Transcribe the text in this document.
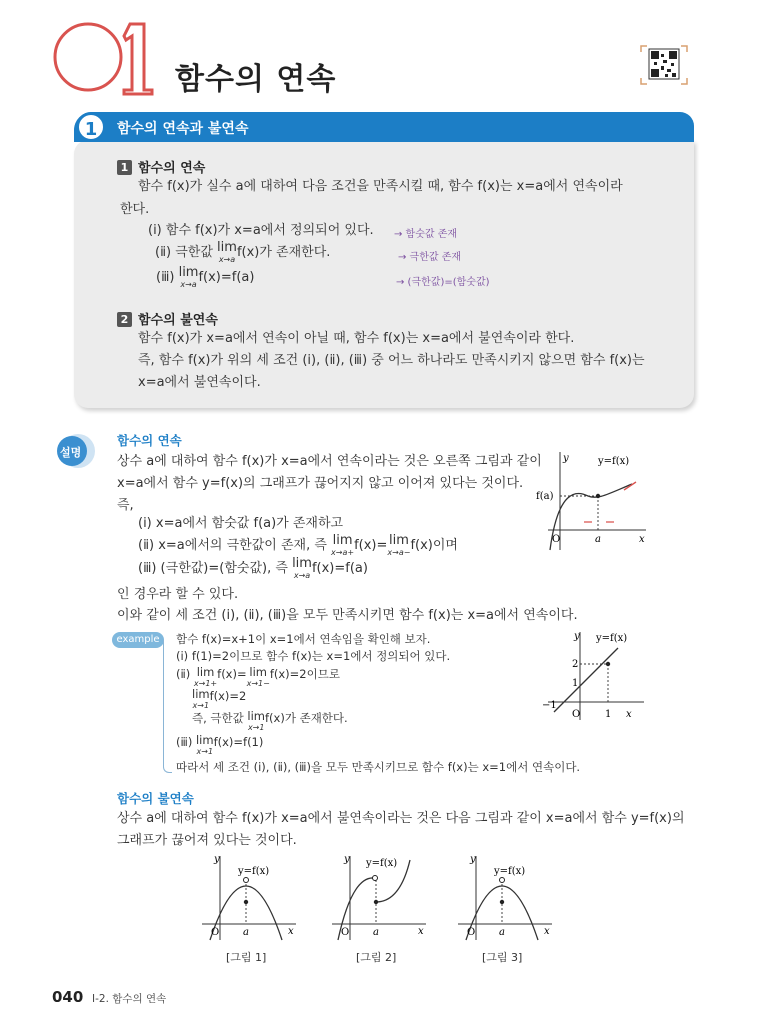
함수의 연속
1	함수의 연속과 불연속
1 함수의 연속
함수 f(x)가 실수 a에 대하여 다음 조건을 만족시킬 때, 함수 f(x)는 x=a에서 연속이라
한다.
(ⅰ) 함수 f(x)가 x=a에서 정의되어 있다. → 함숫값 존재
(ⅱ) 극한값 lim
x→a f(x)가 존재한다.	→ 극한값 존재
(ⅲ) lim
x→a f(x)=f(a)	→ (극한값)=(함숫값)
2 함수의 불연속
함수 f(x)가 x=a에서 연속이 아닐 때, 함수 f(x)는 x=a에서 불연속이라 한다.
즉, 함수 f(x)가 위의 세 조건 (ⅰ), (ⅱ), (ⅲ) 중 어느 하나라도 만족시키지 않으면 함수 f(x)는
x=a에서 불연속이다.
설명
함수의 연속
상수 a에 대하여 함수 f(x)가 x=a에서 연속이라는 것은 오른쪽 그림과 같이
x=a에서 함수 y=f(x)의 그래프가 끊어지지 않고 이어져 있다는 것이다.
즉,
(ⅰ) x=a에서 함숫값 f(a)가 존재하고
(ⅱ) x=a에서의 극한값이 존재, 즉 lim
x→a+ f(x)= lim
x→a− f(x)이며
(ⅲ) (극한값)=(함숫값), 즉 lim
x→a f(x)=f(a)
인 경우라 할 수 있다.
이와 같이 세 조건 (ⅰ), (ⅱ), (ⅲ)을 모두 만족시키면 함수 f(x)는 x=a에서 연속이다.
y
x
O	a
f(a)
y=f(x)
example	함수 f(x)=x+1이 x=1에서 연속임을 확인해 보자.
(ⅰ) f(1)=2이므로 함수 f(x)는 x=1에서 정의되어 있다.
(ⅱ) lim
x→1+
f(x)= lim
x→1−
f(x)=2이므로
lim
x→1
f(x)=2
즉, 극한값 lim
x→1
f(x)가 존재한다.
(ⅲ) lim
x→1
f(x)=f(1)
따라서 세 조건 (ⅰ), (ⅱ), (ⅲ)을 모두 만족시키므로 함수 f(x)는 x=1에서 연속이다.
y
x
O
y=f(x)
2
1
−1
1
함수의 불연속
상수 a에 대하여 함수 f(x)가 x=a에서 불연속이라는 것은 다음 그림과 같이 x=a에서 함수 y=f(x)의
그래프가 끊어져 있다는 것이다.
y
x
O a
y=f(x)
[그림 1]
y
x
O a
y=f(x)
[그림 2]
y
x
O a
y=f(x)
[그림 3]
040 Ⅰ-2. 함수의 연속
